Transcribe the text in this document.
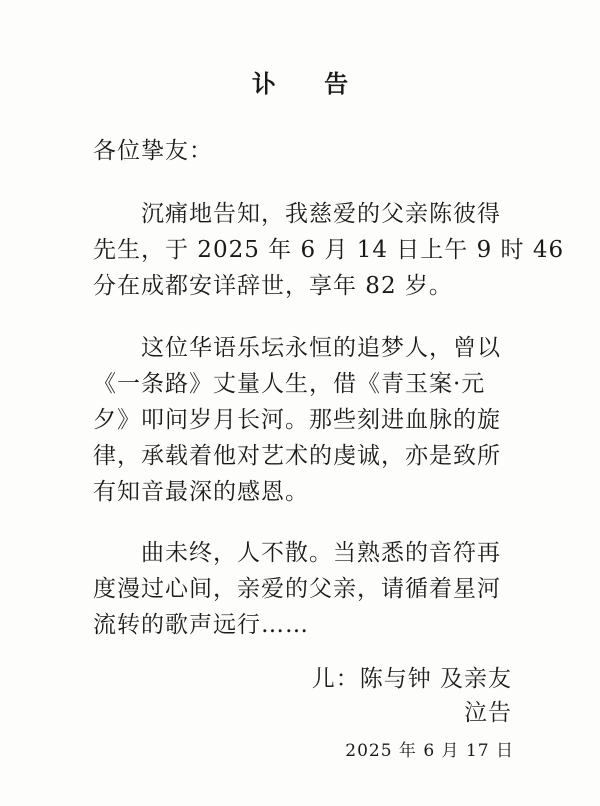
讣 告
各位挚友：
　　沉痛地告知，我慈爱的父亲陈彼得
先生，于 2025 年 6 月 14 日上午 9 时 46
分在成都安详辞世，享年 82 岁。
　　这位华语乐坛永恒的追梦人，曾以
《一条路》丈量人生，借《青玉案·元
夕》叩问岁月长河。那些刻进血脉的旋
律，承载着他对艺术的虔诚，亦是致所
有知音最深的感恩。
　　曲未终，人不散。当熟悉的音符再
度漫过心间，亲爱的父亲，请循着星河
流转的歌声远行……
儿：陈与钟 及亲友
泣告
2025 年 6 月 17 日
